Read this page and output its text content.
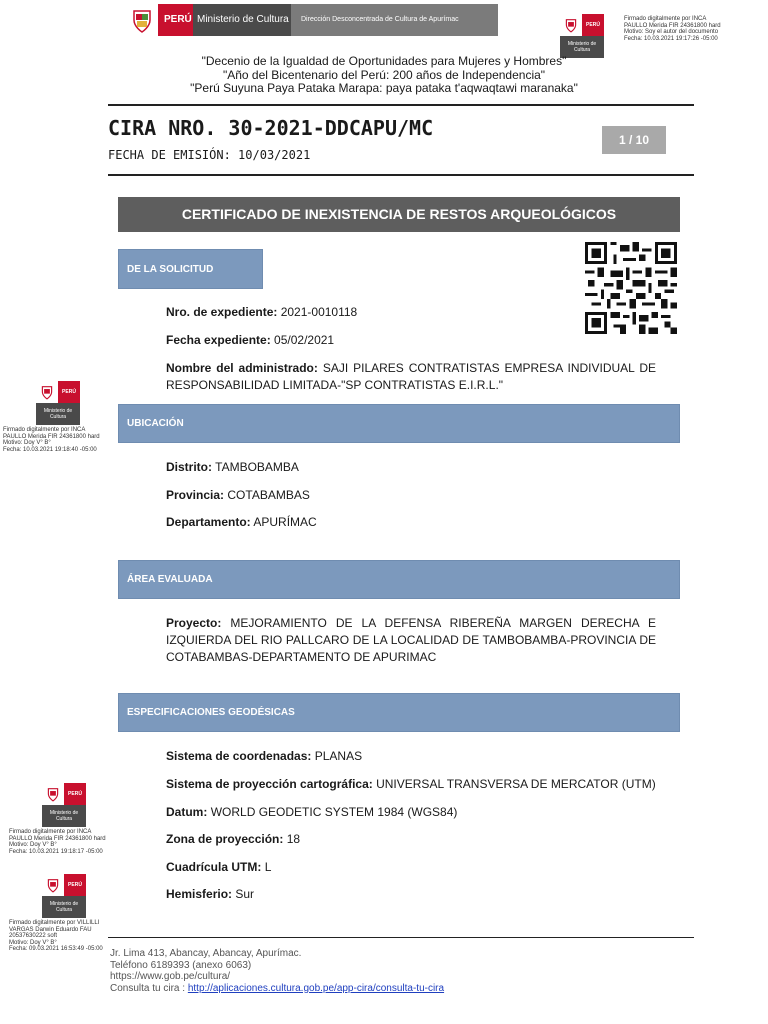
PERÚ Ministerio de Cultura	Dirección Desconcentrada de Cultura de Apurímac
PERÚ
Ministerio de Cultura
Firmado digitalmente por INCA
PAULLO Merida FIR 24361800 hard
Motivo: Soy el autor del documento
Fecha: 10.03.2021 19:17:26 -05:00
"Decenio de la Igualdad de Oportunidades para Mujeres y Hombres"
"Año del Bicentenario del Perú: 200 años de Independencia"
"Perú Suyuna Paya Pataka Marapa: paya pataka t'aqwaqtawi maranaka"
CIRA NRO. 30-2021-DDCAPU/MC
FECHA DE EMISIÓN: 10/03/2021
1 / 10
CERTIFICADO DE INEXISTENCIA DE RESTOS ARQUEOLÓGICOS
DE LA SOLICITUD
Nro. de expediente: 2021-0010118
Fecha expediente: 05/02/2021
Nombre del administrado: SAJI PILARES CONTRATISTAS EMPRESA INDIVIDUAL DE RESPONSABILIDAD LIMITADA-"SP CONTRATISTAS E.I.R.L."
PERÚ
Ministerio de Cultura
Firmado digitalmente por INCA
PAULLO Merida FIR 24361800 hard
Motivo: Doy V° B°
Fecha: 10.03.2021 19:18:40 -05:00
UBICACIÓN
Distrito: TAMBOBAMBA
Provincia: COTABAMBAS
Departamento: APURÍMAC
ÁREA EVALUADA
Proyecto: MEJORAMIENTO DE LA DEFENSA RIBEREÑA MARGEN DERECHA E IZQUIERDA DEL RIO PALLCARO DE LA LOCALIDAD DE TAMBOBAMBA-PROVINCIA DE COTABAMBAS-DEPARTAMENTO DE APURIMAC
ESPECIFICACIONES GEODÉSICAS
Sistema de coordenadas: PLANAS
Sistema de proyección cartográfica: UNIVERSAL TRANSVERSA DE MERCATOR (UTM)
Datum: WORLD GEODETIC SYSTEM 1984 (WGS84)
Zona de proyección: 18
Cuadrícula UTM: L
Hemisferio: Sur
PERÚ
Ministerio de Cultura
Firmado digitalmente por INCA
PAULLO Merida FIR 24361800 hard
Motivo: Doy V° B°
Fecha: 10.03.2021 19:18:17 -05:00
PERÚ
Ministerio de Cultura
Firmado digitalmente por VILLILLI
VARGAS Darwin Eduardo FAU
20537630222 soft
Motivo: Doy V° B°
Fecha: 09.03.2021 16:53:49 -05:00 Jr. Lima 413, Abancay, Abancay, Apurímac.
Teléfono 6189393 (anexo 6063)
https://www.gob.pe/cultura/
Consulta tu cira : http://aplicaciones.cultura.gob.pe/app-cira/consulta-tu-cira
